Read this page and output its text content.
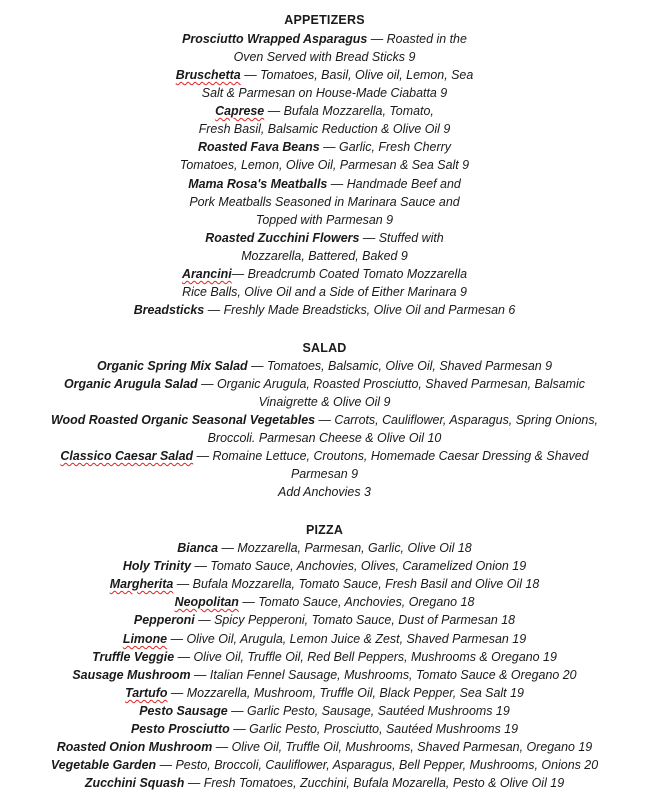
APPETIZERS
Prosciutto Wrapped Asparagus — Roasted in the
Oven Served with Bread Sticks 9
Bruschetta — Tomatoes, Basil, Olive oil, Lemon, Sea
Salt & Parmesan on House-Made Ciabatta 9
Caprese — Bufala Mozzarella, Tomato,
Fresh Basil, Balsamic Reduction & Olive Oil 9
Roasted Fava Beans — Garlic, Fresh Cherry
Tomatoes, Lemon, Olive Oil, Parmesan & Sea Salt 9
Mama Rosa's Meatballs — Handmade Beef and
Pork Meatballs Seasoned in Marinara Sauce and
Topped with Parmesan 9
Roasted Zucchini Flowers — Stuffed with
Mozzarella, Battered, Baked 9
Arancini— Breadcrumb Coated Tomato Mozzarella
Rice Balls, Olive Oil and a Side of Either Marinara 9
Breadsticks — Freshly Made Breadsticks, Olive Oil and Parmesan 6
SALAD
Organic Spring Mix Salad — Tomatoes, Balsamic, Olive Oil, Shaved Parmesan 9
Organic Arugula Salad — Organic Arugula, Roasted Prosciutto, Shaved Parmesan, Balsamic
Vinaigrette & Olive Oil 9
Wood Roasted Organic Seasonal Vegetables — Carrots, Cauliflower, Asparagus, Spring Onions,
Broccoli. Parmesan Cheese & Olive Oil 10
Classico Caesar Salad — Romaine Lettuce, Croutons, Homemade Caesar Dressing & Shaved
Parmesan 9
Add Anchovies 3
PIZZA
Bianca — Mozzarella, Parmesan, Garlic, Olive Oil 18
Holy Trinity — Tomato Sauce, Anchovies, Olives, Caramelized Onion 19
Margherita — Bufala Mozzarella, Tomato Sauce, Fresh Basil and Olive Oil 18
Neopolitan — Tomato Sauce, Anchovies, Oregano 18
Pepperoni — Spicy Pepperoni, Tomato Sauce, Dust of Parmesan 18
Limone — Olive Oil, Arugula, Lemon Juice & Zest, Shaved Parmesan 19
Truffle Veggie — Olive Oil, Truffle Oil, Red Bell Peppers, Mushrooms & Oregano 19
Sausage Mushroom — Italian Fennel Sausage, Mushrooms, Tomato Sauce & Oregano 20
Tartufo — Mozzarella, Mushroom, Truffle Oil, Black Pepper, Sea Salt 19
Pesto Sausage — Garlic Pesto, Sausage, Sautéed Mushrooms 19
Pesto Prosciutto — Garlic Pesto, Prosciutto, Sautéed Mushrooms 19
Roasted Onion Mushroom — Olive Oil, Truffle Oil, Mushrooms, Shaved Parmesan, Oregano 19
Vegetable Garden — Pesto, Broccoli, Cauliflower, Asparagus, Bell Pepper, Mushrooms, Onions 20
Zucchini Squash — Fresh Tomatoes, Zucchini, Bufala Mozarella, Pesto & Olive Oil 19
